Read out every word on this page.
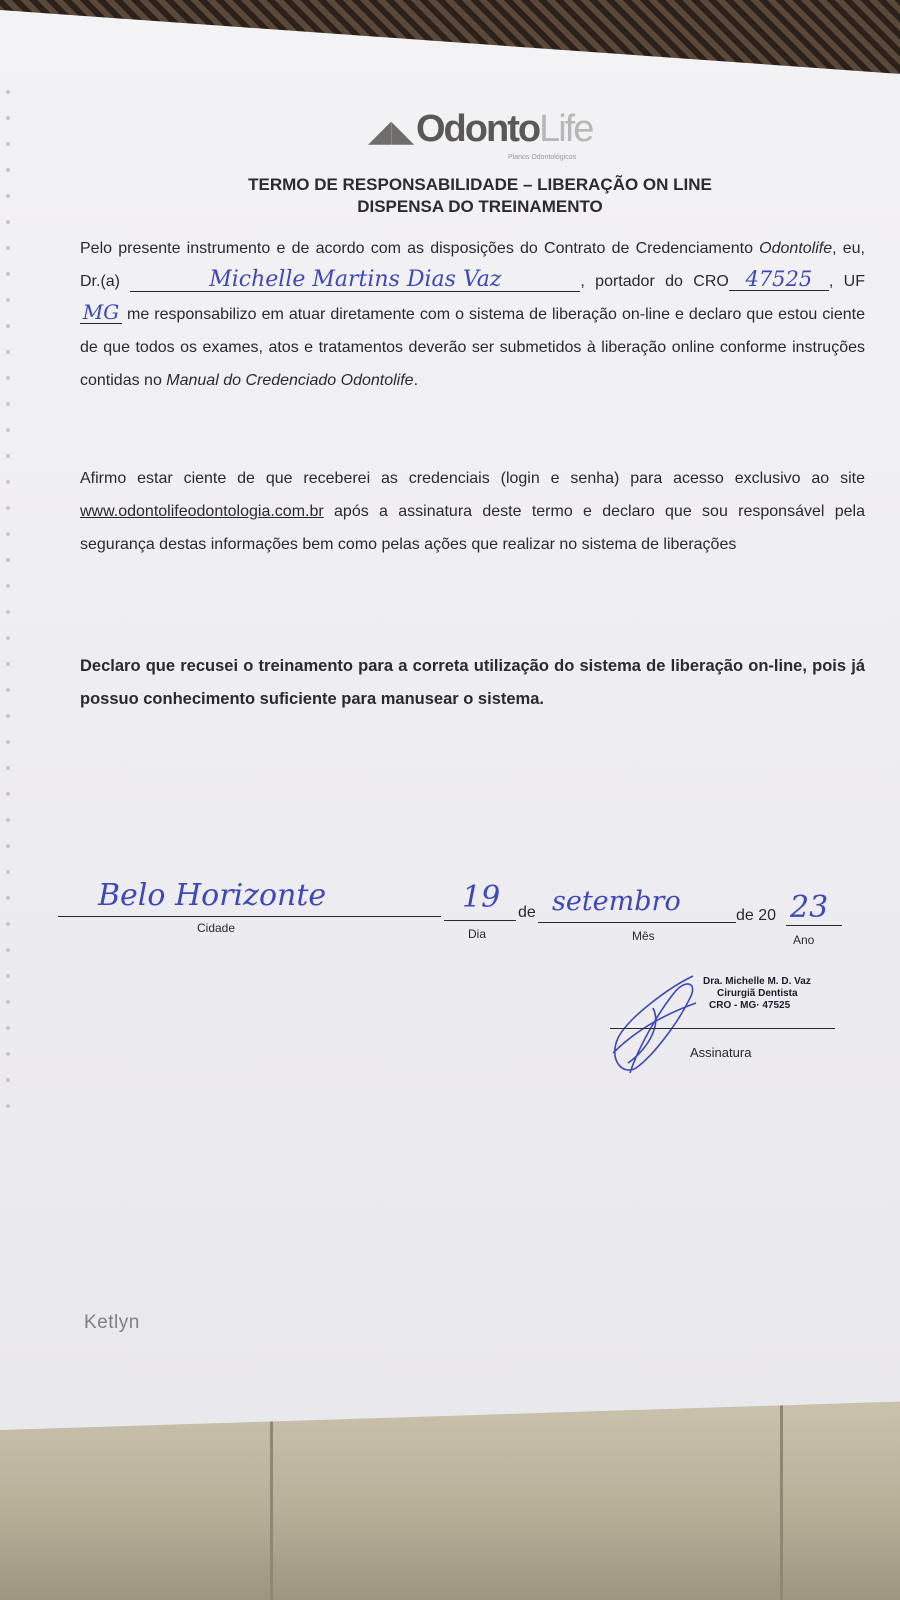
◢◣ OdontoLife
Planos Odontológicos
TERMO DE RESPONSABILIDADE – LIBERAÇÃO ON LINE
DISPENSA DO TREINAMENTO
Pelo presente instrumento e de acordo com as disposições do Contrato de Credenciamento Odontolife, eu, Dr.(a)	Michelle Martins Dias Vaz	, portador do CRO 47525 , UF MG me responsabilizo em atuar diretamente com o sistema de liberação on-line e declaro que estou ciente de que todos os exames, atos e tratamentos deverão ser submetidos à liberação online conforme instruções contidas no Manual do Credenciado Odontolife.
Afirmo estar ciente de que receberei as credenciais (login e senha) para acesso exclusivo ao site www.odontolifeodontologia.com.br após a assinatura deste termo e declaro que sou responsável pela segurança destas informações bem como pelas ações que realizar no sistema de liberações
Declaro que recusei o treinamento para a correta utilização do sistema de liberação on-line, pois já possuo conhecimento suficiente para manusear o sistema.
Belo Horizonte
Cidade
19
Dia
de setembro
Mês
de 20 23
Ano
Dra. Michelle M. D. Vaz
Cirurgiã Dentista
CRO - MG· 47525
Assinatura
Ketlyn
